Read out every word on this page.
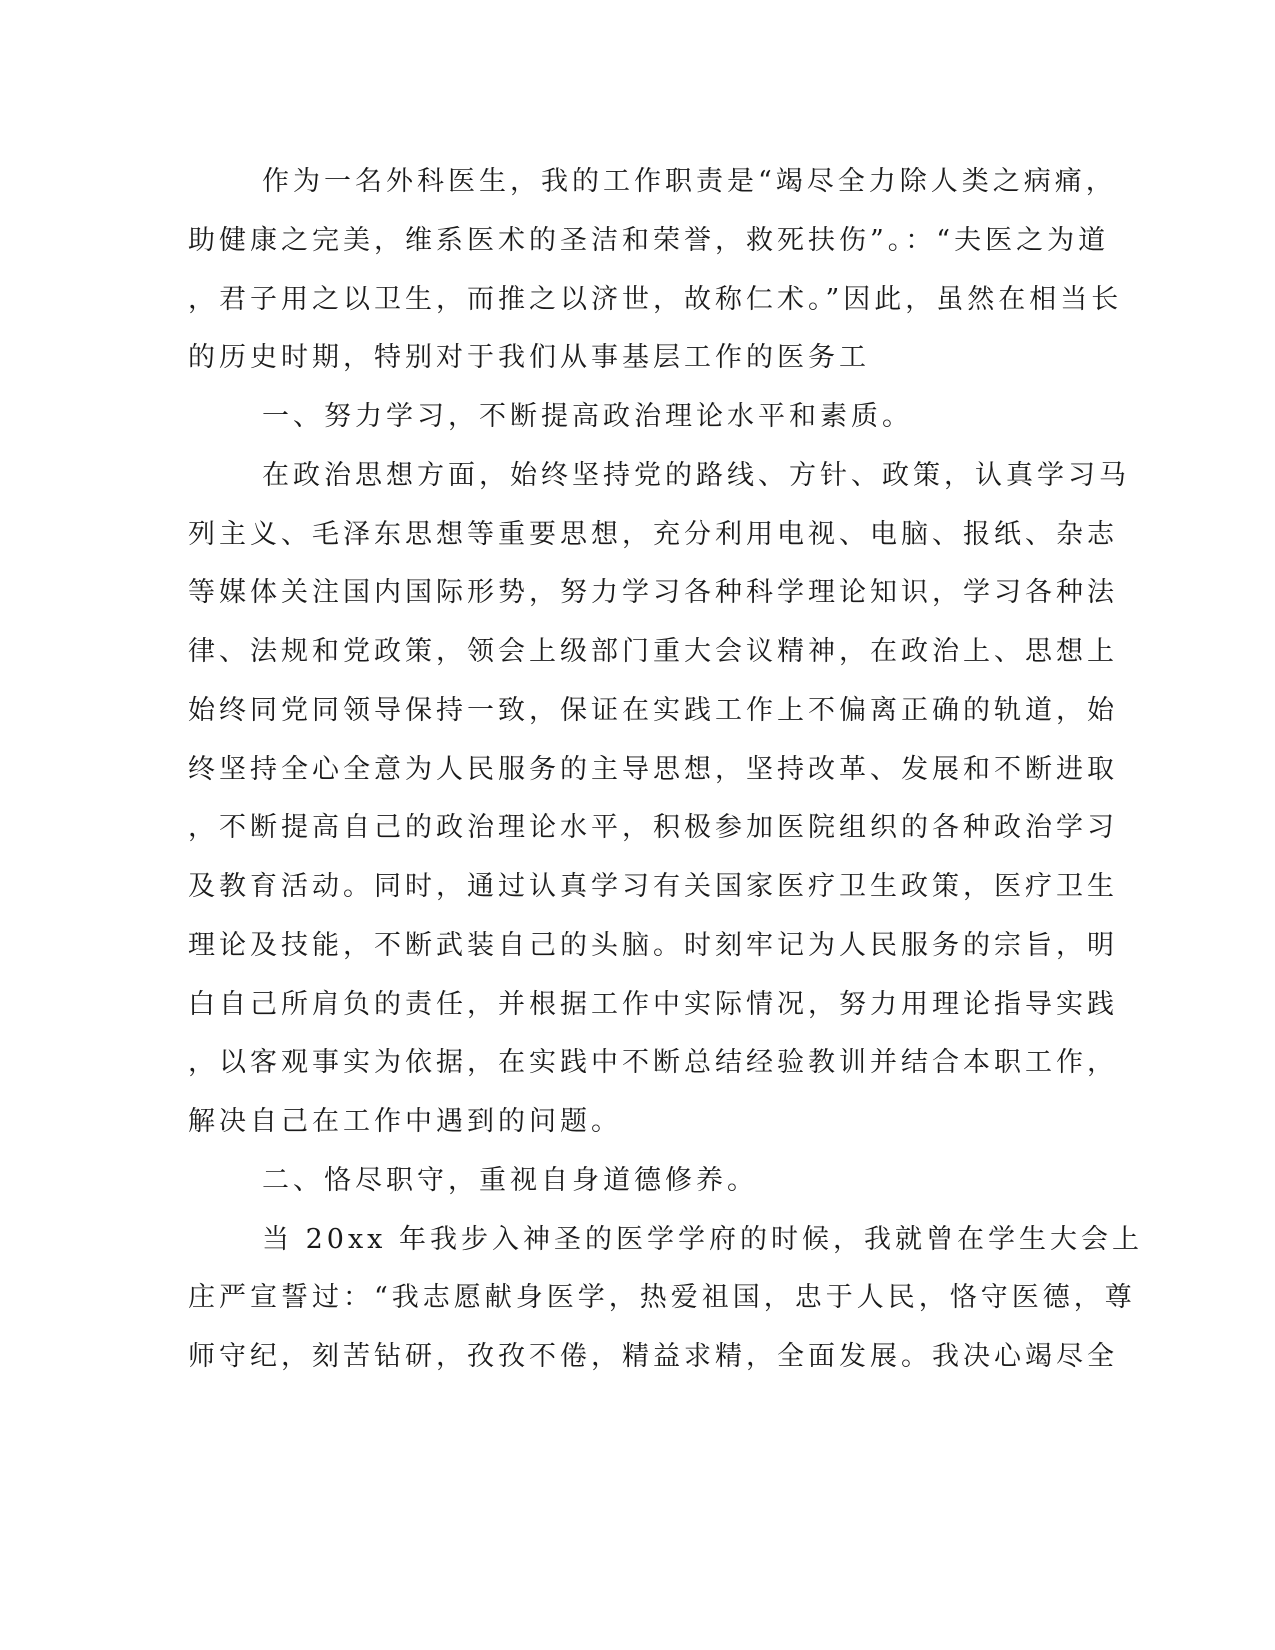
作为一名外科医生，我的工作职责是“竭尽全力除人类之病痛，
助健康之完美，维系医术的圣洁和荣誉，救死扶伤”。：“夫医之为道
，君子用之以卫生，而推之以济世，故称仁术。”因此，虽然在相当长
的历史时期，特别对于我们从事基层工作的医务工
一、努力学习，不断提高政治理论水平和素质。
在政治思想方面，始终坚持党的路线、方针、政策，认真学习马
列主义、毛泽东思想等重要思想，充分利用电视、电脑、报纸、杂志
等媒体关注国内国际形势，努力学习各种科学理论知识，学习各种法
律、法规和党政策，领会上级部门重大会议精神，在政治上、思想上
始终同党同领导保持一致，保证在实践工作上不偏离正确的轨道，始
终坚持全心全意为人民服务的主导思想，坚持改革、发展和不断进取
，不断提高自己的政治理论水平，积极参加医院组织的各种政治学习
及教育活动。同时，通过认真学习有关国家医疗卫生政策，医疗卫生
理论及技能，不断武装自己的头脑。时刻牢记为人民服务的宗旨，明
白自己所肩负的责任，并根据工作中实际情况，努力用理论指导实践
，以客观事实为依据，在实践中不断总结经验教训并结合本职工作，
解决自己在工作中遇到的问题。
二、恪尽职守，重视自身道德修养。
当 20xx 年我步入神圣的医学学府的时候，我就曾在学生大会上
庄严宣誓过：“我志愿献身医学，热爱祖国，忠于人民，恪守医德，尊
师守纪，刻苦钻研，孜孜不倦，精益求精，全面发展。我决心竭尽全
